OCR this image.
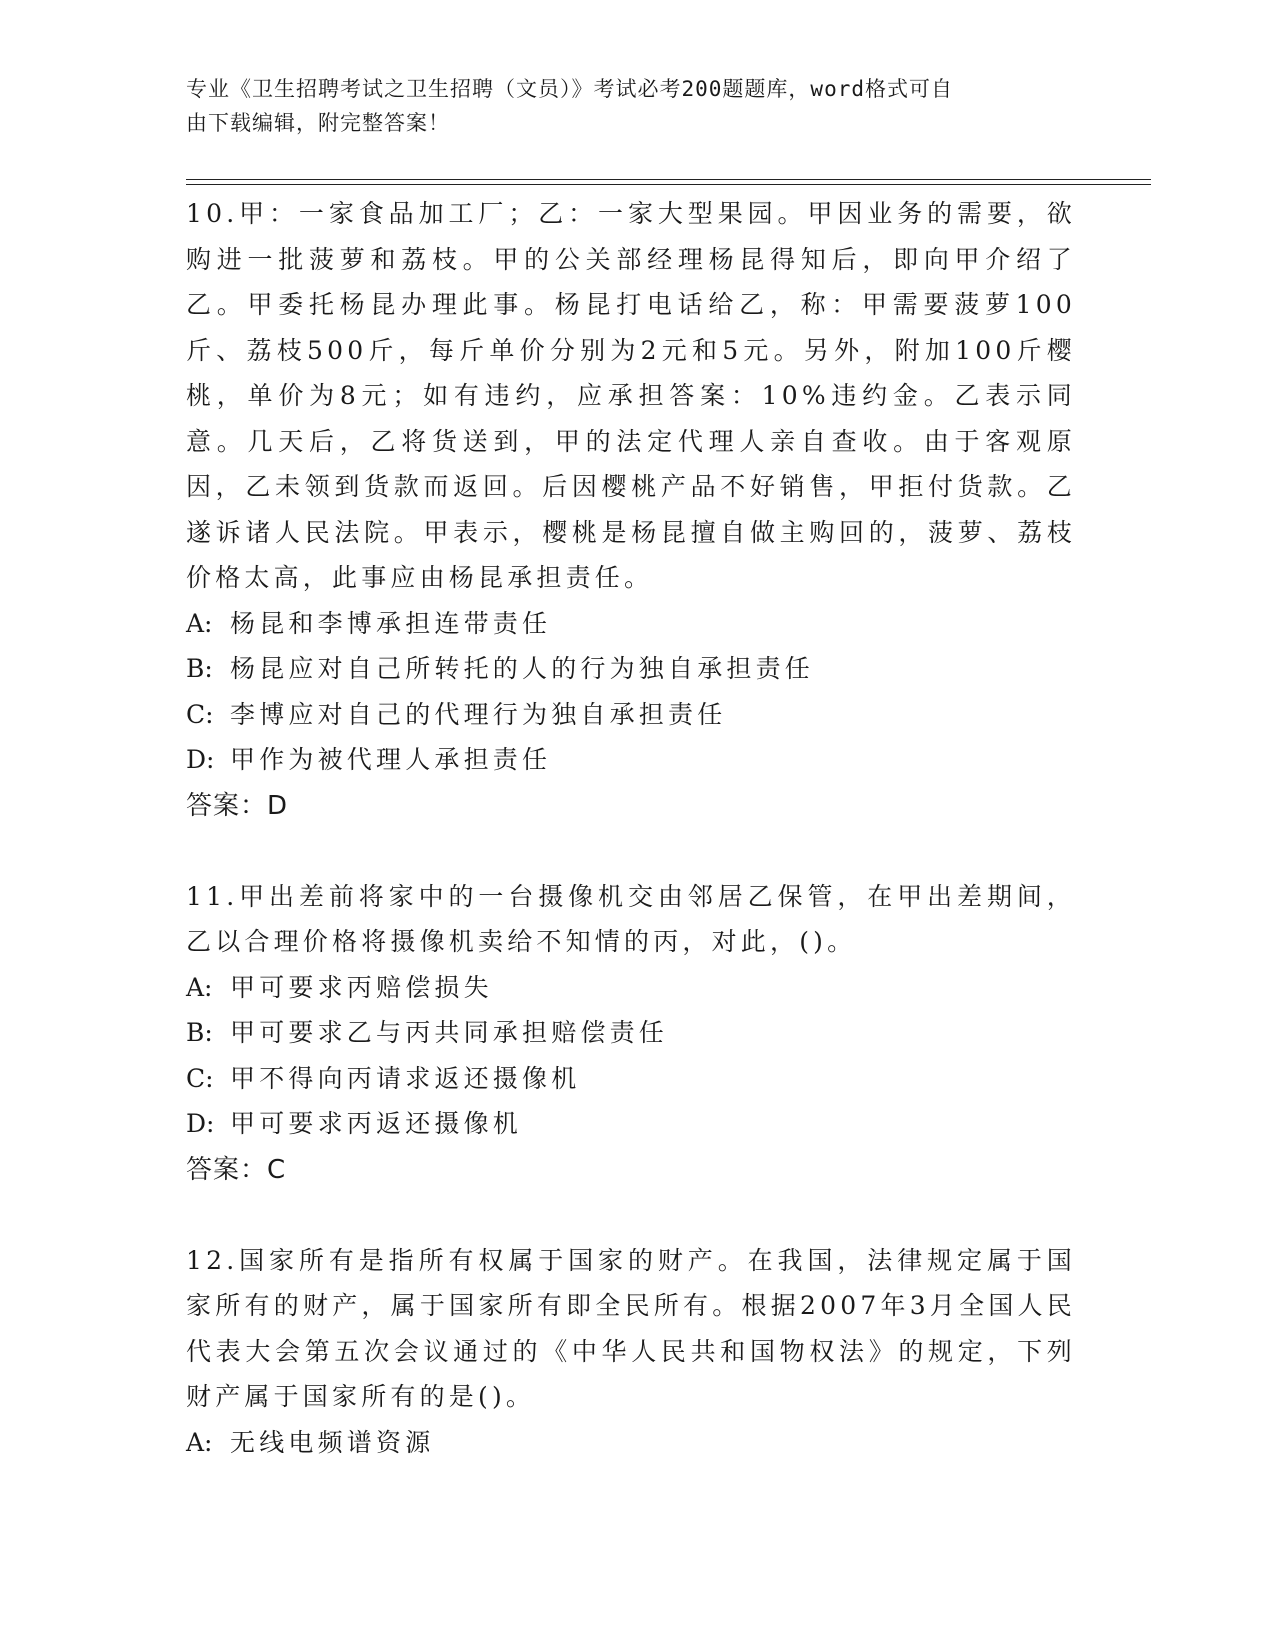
专业《卫生招聘考试之卫生招聘（文员）》考试必考200题题库，word格式可自
由下载编辑，附完整答案！

10.甲：一家食品加工厂；乙：一家大型果园。甲因业务的需要，欲购进一批菠萝和荔枝。甲的公关部经理杨昆得知后，即向甲介绍了乙。甲委托杨昆办理此事。杨昆打电话给乙，称：甲需要菠萝100斤、荔枝500斤，每斤单价分别为2元和5元。另外，附加100斤樱桃，单价为8元；如有违约，应承担答案：10%违约金。乙表示同意。几天后，乙将货送到，甲的法定代理人亲自查收。由于客观原因，乙未领到货款而返回。后因樱桃产品不好销售，甲拒付货款。乙遂诉诸人民法院。甲表示，樱桃是杨昆擅自做主购回的，菠萝、荔枝价格太高，此事应由杨昆承担责任。

A: 杨昆和李博承担连带责任

B: 杨昆应对自己所转托的人的行为独自承担责任

C: 李博应对自己的代理行为独自承担责任

D: 甲作为被代理人承担责任

答案：D

11.甲出差前将家中的一台摄像机交由邻居乙保管，在甲出差期间，乙以合理价格将摄像机卖给不知情的丙，对此，()。

A: 甲可要求丙赔偿损失

B: 甲可要求乙与丙共同承担赔偿责任

C: 甲不得向丙请求返还摄像机

D: 甲可要求丙返还摄像机

答案：C

12.国家所有是指所有权属于国家的财产。在我国，法律规定属于国家所有的财产，属于国家所有即全民所有。根据2007年3月全国人民代表大会第五次会议通过的《中华人民共和国物权法》的规定，下列财产属于国家所有的是()。

A: 无线电频谱资源
